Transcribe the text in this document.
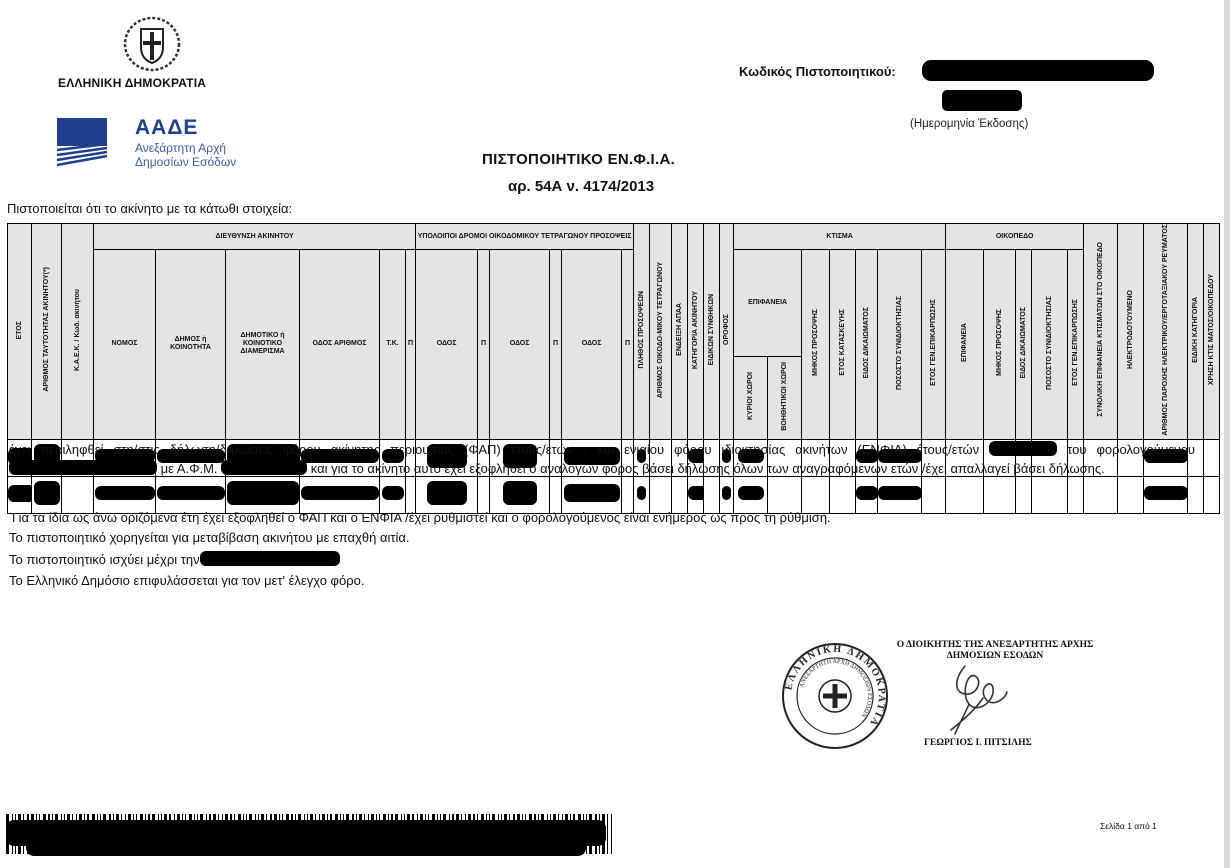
ΕΛΛΗΝΙΚΗ ΔΗΜΟΚΡΑΤΙΑ
ΑΑΔΕ
Ανεξάρτητη Αρχή
Δημοσίων Εσόδων
Κωδικός Πιστοποιητικού:
(Ημερομηνία Έκδοσης)
ΠΙΣΤΟΠΟΙΗΤΙΚΟ ΕΝ.Φ.Ι.Α.
αρ. 54Α ν. 4174/2013
Πιστοποιείται ότι το ακίνητο με τα κάτωθι στοιχεία:
ΕΤΟΣ	ΑΡΙΘΜΟΣ ΤΑΥΤΟΤΗΤΑΣ ΑΚΙΝΗΤΟΥ(*)	Κ.Α.Ε.Κ. / Κωδ. ακινήτου	ΔΙΕΥΘΥΝΣΗ ΑΚΙΝΗΤΟΥ						ΥΠΟΛΟΙΠΟΙ ΔΡΟΜΟΙ ΟΙΚΟΔΟΜΙΚΟΥ ΤΕΤΡΑΓΩΝΟΥ ΠΡΟΣΟΨΕΙΣ						ΠΛΗΘΟΣ ΠΡΟΣΟΨΕΩΝ	ΑΡΙΘΜΟΣ ΟΙΚΟΔΟ-ΜΙΚΟΥ ΤΕΤΡΑΓΩΝΟΥ	ΕΝΔΕΙΞΗ ΑΠΑΑ	ΚΑΤΗΓΟΡΙΑ ΑΚΙΝΗΤΟΥ	ΕΙΔΙΚΩΝ ΣΥΝΘΗΚΩΝ	ΟΡΟΦΟΣ	ΚΤΙΣΜΑ							ΟΙΚΟΠΕΔΟ					ΣΥΝΟΛΙΚΗ ΕΠΙΦΑΝΕΙΑ ΚΤΙΣΜΑΤΩΝ ΣΤΟ ΟΙΚΟΠΕΔΟ	ΗΛΕΚΤΡΟΔΟΤΟΥΜΕΝΟ	ΑΡΙΘΜΟΣ ΠΑΡΟΧΗΣ ΗΛΕΚΤΡΙΚΟΥ/ΕΡΓΟΤΑΞΙΑΚΟΥ ΡΕΥΜΑΤΟΣ	ΕΙΔΙΚΗ ΚΑΤΗΓΟΡΙΑ	ΧΡΗΣΗ ΚΤΙΣ ΜΑΤΟΣ/ΟΙΚΟΠΕΔΟΥ
			ΝΟΜΟΣ	ΔΗΜΟΣ ή ΚΟΙΝΟΤΗΤΑ	ΔΗΜΟΤΙΚΟ ή ΚΟΙΝΟΤΙΚΟ ΔΙΑΜΕΡΙΣΜΑ	ΟΔΟΣ ΑΡΙΘΜΟΣ	Τ.Κ.	Π	ΟΔΟΣ	Π	ΟΔΟΣ	Π	ΟΔΟΣ	Π							ΕΠΙΦΑΝΕΙΑ		ΜΗΚΟΣ ΠΡΟΣΟΨΗΣ	ΕΤΟΣ ΚΑΤΑΣΚΕΥΗΣ	ΕΙΔΟΣ ΔΙΚΑΙΩΜΑΤΟΣ	ΠΟΣΟΣΤΟ ΣΥΝΙΔΙΟΚΤΗΣΙΑΣ	ΕΤΟΣ ΓΕΝ.ΕΠΙΚΑΡΠΩΣΗΣ	ΕΠΙΦΑΝΕΙΑ	ΜΗΚΟΣ ΠΡΟΣΟΨΗΣ	ΕΙΔΟΣ ΔΙΚΑΙΩΜΑΤΟΣ	ΠΟΣΟΣΤΟ ΣΥΝΙΔΙΟΚΤΗΣΙΑΣ	ΕΤΟΣ ΓΕΝ.ΕΠΙΚΑΡΠΩΣΗΣ					
																					ΚΥΡΙΟΙ ΧΩΡΟΙ	ΒΟΗΘΗΤΙΚΟΙ ΧΩΡΟΙ															

έχει περιληφθεί στη/στις δήλωση/δηλώσεις φόρου ακίνητης περιουσίας (ΦΑΠ) έτους/ετών - και ενιαίου φόρου ιδιοκτησίας ακινήτων (ΕΝΦΙΑ) έτους/ετών	του φορολογούμενου  με Α.Φ.Μ.	και για το ακίνητο αυτό έχει εξοφληθεί ο αναλογών φόρος βάσει δήλωσης όλων των αναγραφόμενων ετών /έχει απαλλαγεί βάσει δήλωσης.
Για τα ίδια ως άνω οριζόμενα έτη έχει εξοφληθεί ο ΦΑΠ και ο ΕΝΦΙΑ /έχει ρυθμιστεί και ο φορολογούμενος είναι ενήμερος ως προς τη ρύθμιση.
Το πιστοποιητικό χορηγείται για μεταβίβαση ακινήτου με επαχθή αιτία.
Το πιστοποιητικό ισχύει μέχρι την
Το Ελληνικό Δημόσιο επιφυλάσσεται για τον μετ' έλεγχο φόρο.
ΕΛΛΗΝΙΚΗ ΔΗΜΟΚΡΑΤΙΑ
ΑΝΕΞΑΡΤΗΤΗ ΑΡΧΗ ΔΗΜΟΣΙΩΝ ΕΣΟΔΩΝ
Ο ΔΙΟΙΚΗΤΗΣ ΤΗΣ ΑΝΕΞΑΡΤΗΤΗΣ ΑΡΧΗΣ
ΔΗΜΟΣΙΩΝ ΕΣΟΔΩΝ
ΓΕΩΡΓΙΟΣ Ι. ΠΙΤΣΙΛΗΣ
Σελίδα 1 από 1
